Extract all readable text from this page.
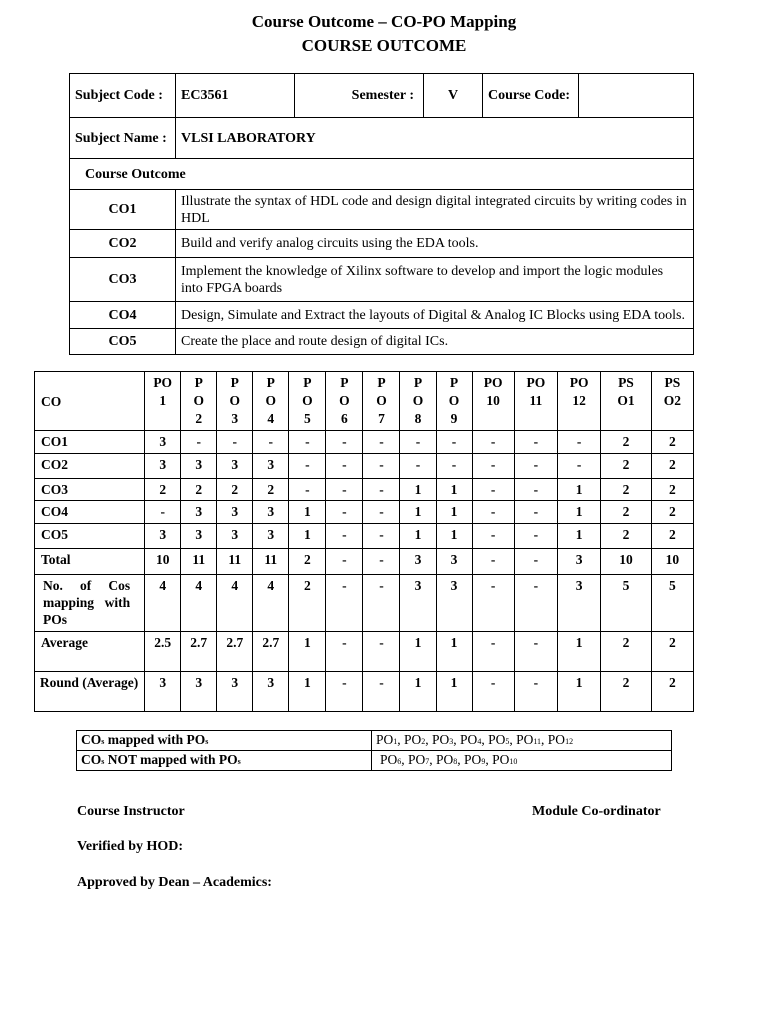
Course Outcome – CO-PO Mapping
COURSE OUTCOME
Subject Code :	EC3561	Semester :	V	Course Code:	
Subject Name :	VLSI LABORATORY				
Course Outcome					
CO1	Illustrate the syntax of HDL code and design digital integrated circuits by writing codes in HDL				
CO2	Build and verify analog circuits using the EDA tools.				
CO3	Implement the knowledge of Xilinx software to develop and import the logic modules into FPGA boards				
CO4	Design, Simulate and Extract the layouts of Digital & Analog IC Blocks using EDA tools.				
CO5	Create the place and route design of digital ICs.				
CO	PO 1	P O 2	P O 3	P O 4	P O 5	P O 6	P O 7	P O 8	P O 9	PO 10	PO 11	PO 12	PS O1	PS O2

CO1	3	-	-	-	-	-	-	-	-	-	-	-	2	2
CO2	3	3	3	3	-	-	-	-	-	-	-	-	2	2
CO3	2	2	2	2	-	-	-	1	1	-	-	1	2	2
CO4	-	3	3	3	1	-	-	1	1	-	-	1	2	2
CO5	3	3	3	3	1	-	-	1	1	-	-	1	2	2
Total	10	11	11	11	2	-	-	3	3	-	-	3	10	10
No. of Cos mapping with POs	4	4	4	4	2	-	-	3	3	-	-	3	5	5
Average	2.5	2.7	2.7	2.7	1	-	-	1	1	-	-	1	2	2
Round (Average)	3	3	3	3	1	-	-	1	1	-	-	1	2	2
COs mapped with POs	PO1, PO2, PO3, PO4, PO5, PO11, PO12
COs NOT mapped with POs	PO6, PO7, PO8, PO9, PO10
Course Instructor	Module Co-ordinator
Verified by HOD:
Approved by Dean – Academics:
